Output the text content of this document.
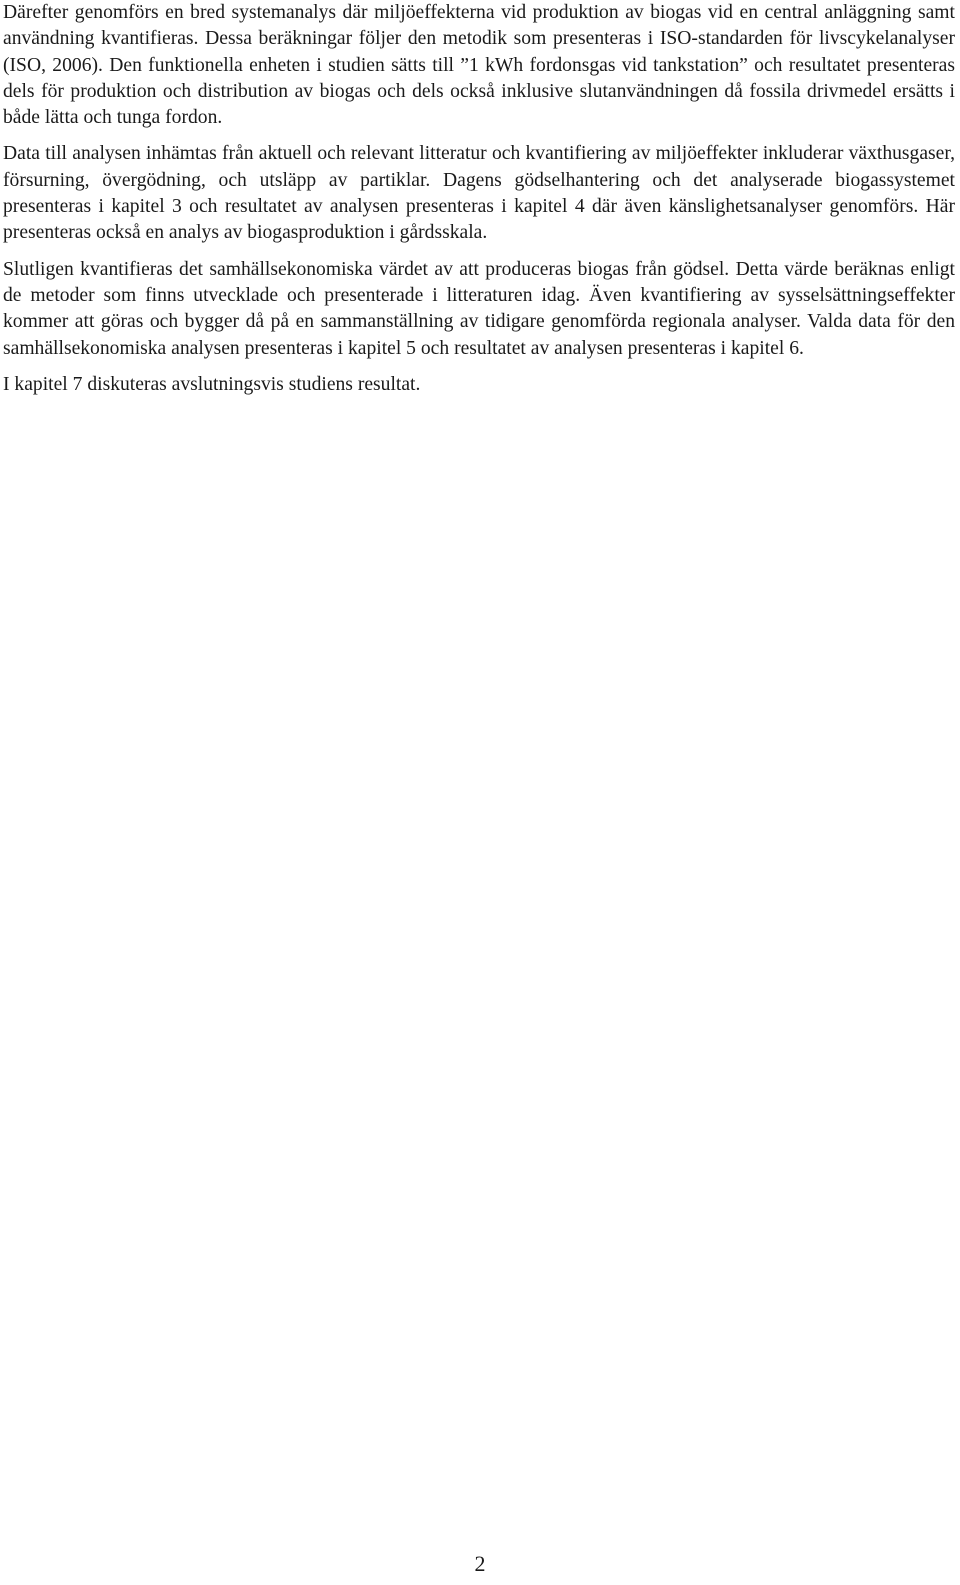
Därefter genomförs en bred systemanalys där miljöeffekterna vid produktion av biogas vid en central anläggning samt användning kvantifieras. Dessa beräkningar följer den metodik som presenteras i ISO-standarden för livscykelanalyser (ISO, 2006). Den funktionella enheten i studien sätts till ”1 kWh fordonsgas vid tankstation” och resultatet presenteras dels för produktion och distribution av biogas och dels också inklusive slutanvändningen då fossila drivmedel ersätts i både lätta och tunga fordon.

Data till analysen inhämtas från aktuell och relevant litteratur och kvantifiering av miljöeffekter inkluderar växthusgaser, försurning, övergödning, och utsläpp av partiklar. Dagens gödselhantering och det analyserade biogassystemet presenteras i kapitel 3 och resultatet av analysen presenteras i kapitel 4 där även känslighetsanalyser genomförs. Här presenteras också en analys av biogasproduktion i gårdsskala.

Slutligen kvantifieras det samhällsekonomiska värdet av att produceras biogas från gödsel. Detta värde beräknas enligt de metoder som finns utvecklade och presenterade i litteraturen idag. Även kvantifiering av sysselsättningseffekter kommer att göras och bygger då på en sammanställning av tidigare genomförda regionala analyser. Valda data för den samhällsekonomiska analysen presenteras i kapitel 5 och resultatet av analysen presenteras i kapitel 6.

I kapitel 7 diskuteras avslutningsvis studiens resultat.

2
